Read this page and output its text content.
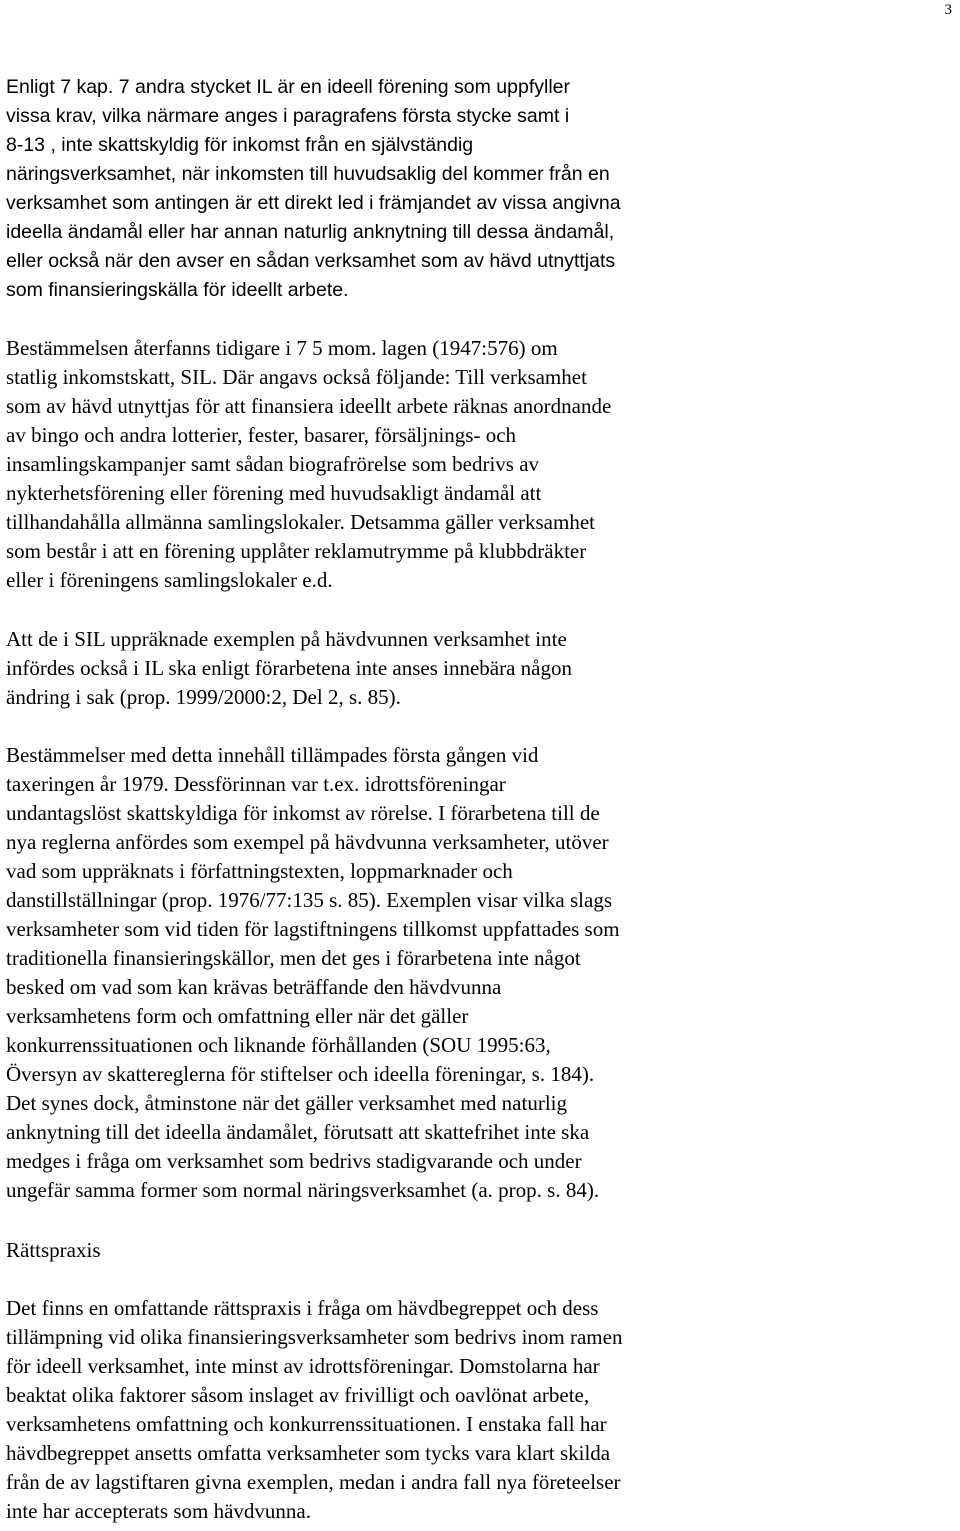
3
Enligt 7 kap. 7 andra stycket IL är en ideell förening som uppfyller
vissa krav, vilka närmare anges i paragrafens första stycke samt i
8-13 , inte skattskyldig för inkomst från en självständig
näringsverksamhet, när inkomsten till huvudsaklig del kommer från en
verksamhet som antingen är ett direkt led i främjandet av vissa angivna
ideella ändamål eller har annan naturlig anknytning till dessa ändamål,
eller också när den avser en sådan verksamhet som av hävd utnyttjats
som finansieringskälla för ideellt arbete.
Bestämmelsen återfanns tidigare i 7 5 mom. lagen (1947:576) om
statlig inkomstskatt, SIL. Där angavs också följande: Till verksamhet
som av hävd utnyttjas för att finansiera ideellt arbete räknas anordnande
av bingo och andra lotterier, fester, basarer, försäljnings- och
insamlingskampanjer samt sådan biografrörelse som bedrivs av
nykterhetsförening eller förening med huvudsakligt ändamål att
tillhandahålla allmänna samlingslokaler. Detsamma gäller verksamhet
som består i att en förening upplåter reklamutrymme på klubbdräkter
eller i föreningens samlingslokaler e.d.
Att de i SIL uppräknade exemplen på hävdvunnen verksamhet inte
infördes också i IL ska enligt förarbetena inte anses innebära någon
ändring i sak (prop. 1999/2000:2, Del 2, s. 85).
Bestämmelser med detta innehåll tillämpades första gången vid
taxeringen år 1979. Dessförinnan var t.ex. idrottsföreningar
undantagslöst skattskyldiga för inkomst av rörelse. I förarbetena till de
nya reglerna anfördes som exempel på hävdvunna verksamheter, utöver
vad som uppräknats i författningstexten, loppmarknader och
danstillställningar (prop. 1976/77:135 s. 85). Exemplen visar vilka slags
verksamheter som vid tiden för lagstiftningens tillkomst uppfattades som
traditionella finansieringskällor, men det ges i förarbetena inte något
besked om vad som kan krävas beträffande den hävdvunna
verksamhetens form och omfattning eller när det gäller
konkurrenssituationen och liknande förhållanden (SOU 1995:63,
Översyn av skattereglerna för stiftelser och ideella föreningar, s. 184).
Det synes dock, åtminstone när det gäller verksamhet med naturlig
anknytning till det ideella ändamålet, förutsatt att skattefrihet inte ska
medges i fråga om verksamhet som bedrivs stadigvarande och under
ungefär samma former som normal näringsverksamhet (a. prop. s. 84).
Rättspraxis
Det finns en omfattande rättspraxis i fråga om hävdbegreppet och dess
tillämpning vid olika finansieringsverksamheter som bedrivs inom ramen
för ideell verksamhet, inte minst av idrottsföreningar. Domstolarna har
beaktat olika faktorer såsom inslaget av frivilligt och oavlönat arbete,
verksamhetens omfattning och konkurrenssituationen. I enstaka fall har
hävdbegreppet ansetts omfatta verksamheter som tycks vara klart skilda
från de av lagstiftaren givna exemplen, medan i andra fall nya företeelser
inte har accepterats som hävdvunna.
